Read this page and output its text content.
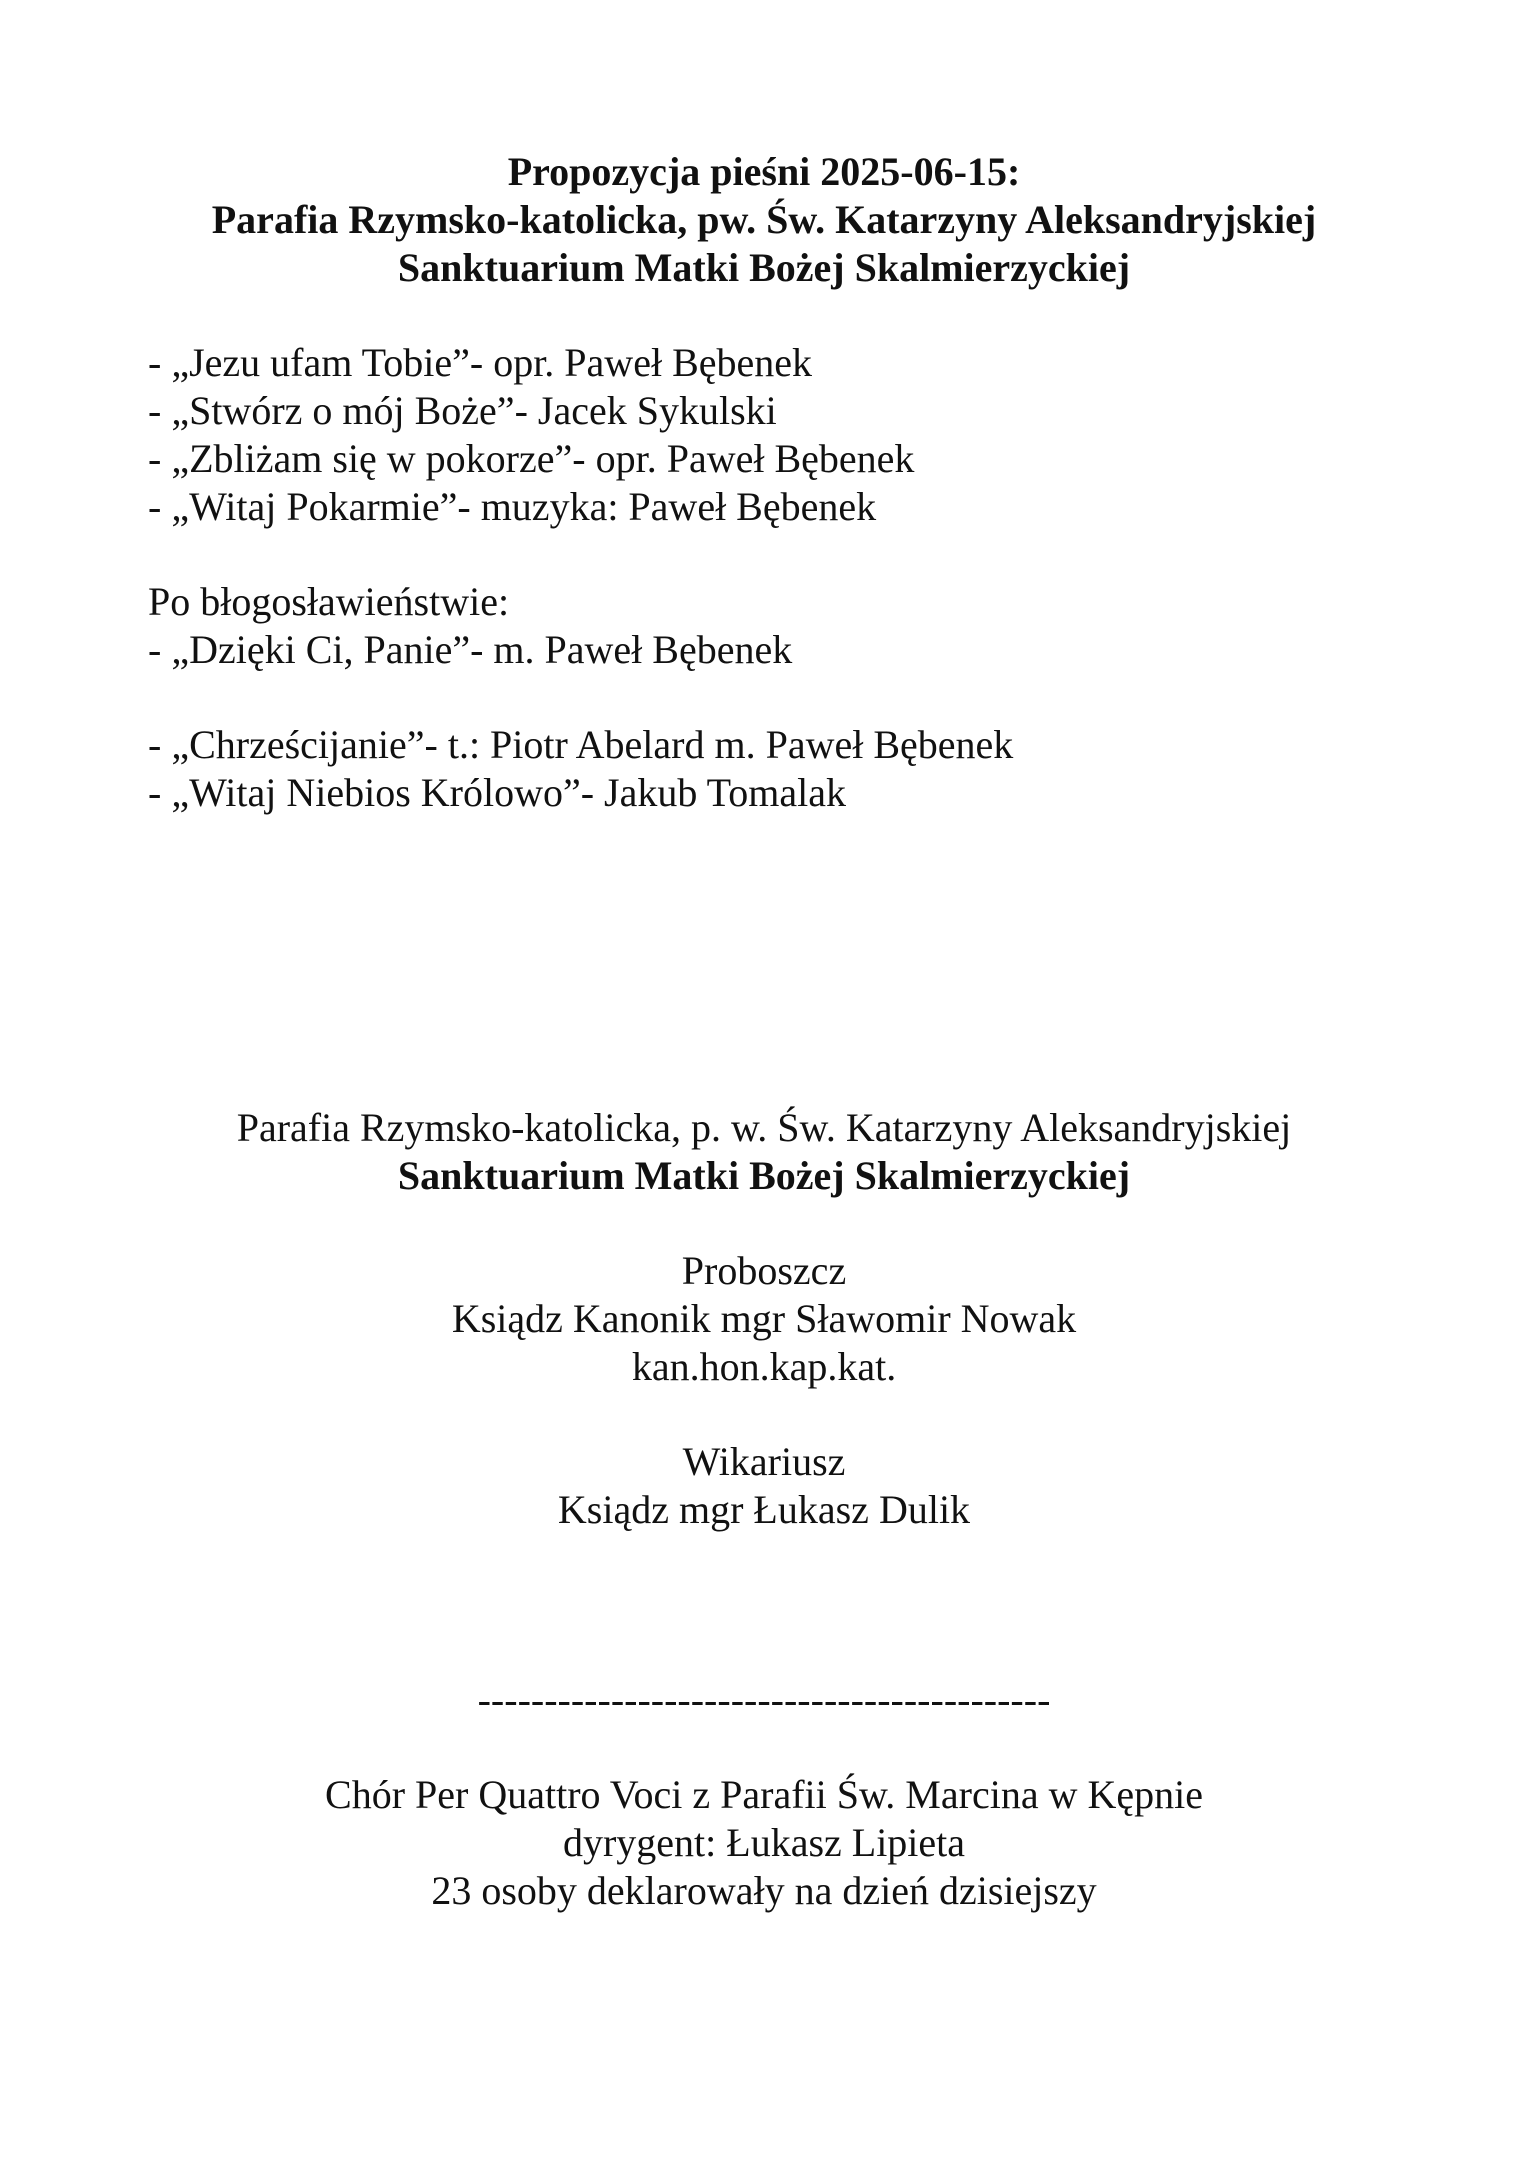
Propozycja pieśni 2025-06-15:
Parafia Rzymsko-katolicka, pw. Św. Katarzyny Aleksandryjskiej
Sanktuarium Matki Bożej Skalmierzyckiej
- „Jezu ufam Tobie”- opr. Paweł Bębenek
- „Stwórz o mój Boże”- Jacek Sykulski
- „Zbliżam się w pokorze”- opr. Paweł Bębenek
- „Witaj Pokarmie”- muzyka: Paweł Bębenek
Po błogosławieństwie:
- „Dzięki Ci, Panie”- m. Paweł Bębenek
- „Chrześcijanie”- t.: Piotr Abelard m. Paweł Bębenek
- „Witaj Niebios Królowo”- Jakub Tomalak
Parafia Rzymsko-katolicka, p. w. Św. Katarzyny Aleksandryjskiej
Sanktuarium Matki Bożej Skalmierzyckiej
Proboszcz
Ksiądz Kanonik mgr Sławomir Nowak
kan.hon.kap.kat.
Wikariusz
Ksiądz mgr Łukasz Dulik
-------------------------------------------
Chór Per Quattro Voci z Parafii Św. Marcina w Kępnie
dyrygent: Łukasz Lipieta
23 osoby deklarowały na dzień dzisiejszy
